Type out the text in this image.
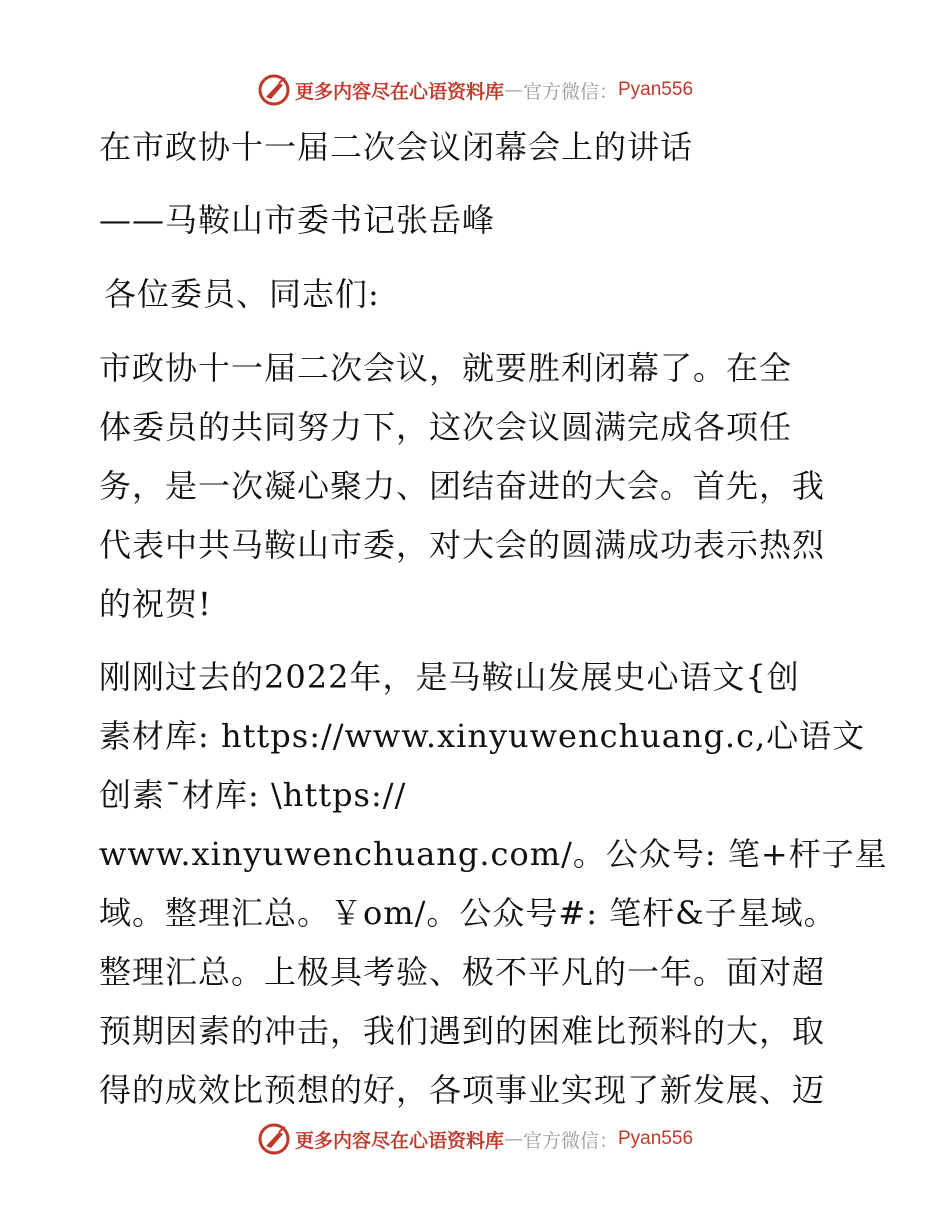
更多内容尽在心语资料库 — 官方微信： Pyan556
在市政协十一届二次会议闭幕会上的讲话
——马鞍山市委书记张岳峰
各位委员、同志们:
市政协十一届二次会议，就要胜利闭幕了。在全
体委员的共同努力下，这次会议圆满完成各项任
务，是一次凝心聚力、团结奋进的大会。首先，我
代表中共马鞍山市委，对大会的圆满成功表示热烈
的祝贺!
刚刚过去的2022年，是马鞍山发展史心语文{创
素材库: https://www.xinyuwenchuang.c,心语文
创素¯材库: \https://
www.xinyuwenchuang.com/。公众号: 笔+杆子星
域。整理汇总。￥om/。公众号#: 笔杆&子星域。
整理汇总。上极具考验、极不平凡的一年。面对超
预期因素的冲击，我们遇到的困难比预料的大，取
得的成效比预想的好，各项事业实现了新发展、迈
更多内容尽在心语资料库 — 官方微信： Pyan556
